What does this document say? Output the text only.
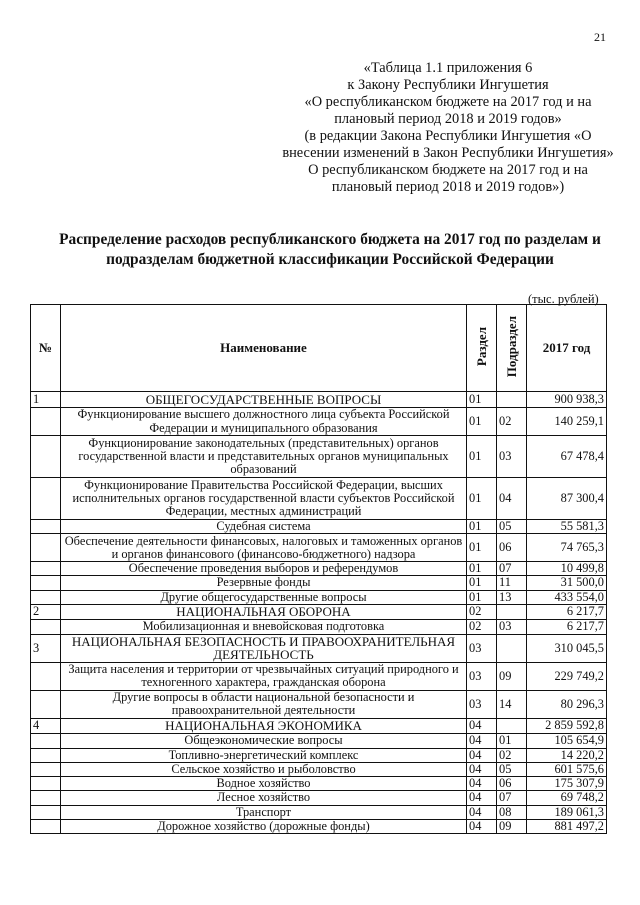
21
«Таблица 1.1 приложения 6
к Закону Республики Ингушетия
«О республиканском бюджете на 2017 год и на
плановый период 2018 и 2019 годов»
(в редакции Закона Республики Ингушетия «О
внесении изменений в Закон Республики Ингушетия»
О республиканском бюджете на 2017 год и на
плановый период 2018 и 2019 годов»)
Распределение расходов республиканского бюджета на 2017 год по разделам и
подразделам бюджетной классификации Российской Федерации
(тыс. рублей)
№	Наименование	Раздел	Подраздел	2017 год
1	ОБЩЕГОСУДАРСТВЕННЫЕ ВОПРОСЫ	01		900 938,3
	Функционирование высшего должностного лица субъекта Российской Федерации и муниципального образования	01	02	140 259,1
	Функционирование законодательных (представительных) органов государственной власти и представительных органов муниципальных образований	01	03	67 478,4
	Функционирование Правительства Российской Федерации, высших исполнительных органов государственной власти субъектов Российской Федерации, местных администраций	01	04	87 300,4
	Судебная система	01	05	55 581,3
	Обеспечение деятельности финансовых, налоговых и таможенных органов и органов финансового (финансово-бюджетного) надзора	01	06	74 765,3
	Обеспечение проведения выборов и референдумов	01	07	10 499,8
	Резервные фонды	01	11	31 500,0
	Другие общегосударственные вопросы	01	13	433 554,0
2	НАЦИОНАЛЬНАЯ ОБОРОНА	02		6 217,7
	Мобилизационная и вневойсковая подготовка	02	03	6 217,7
3	НАЦИОНАЛЬНАЯ БЕЗОПАСНОСТЬ И ПРАВООХРАНИТЕЛЬНАЯ ДЕЯТЕЛЬНОСТЬ	03		310 045,5
	Защита населения и территории от чрезвычайных ситуаций природного и техногенного характера, гражданская оборона	03	09	229 749,2
	Другие вопросы в области национальной безопасности и правоохранительной деятельности	03	14	80 296,3
4	НАЦИОНАЛЬНАЯ ЭКОНОМИКА	04		2 859 592,8
	Общеэкономические вопросы	04	01	105 654,9
	Топливно-энергетический комплекс	04	02	14 220,2
	Сельское хозяйство и рыболовство	04	05	601 575,6
	Водное хозяйство	04	06	175 307,9
	Лесное хозяйство	04	07	69 748,2
	Транспорт	04	08	189 061,3
	Дорожное хозяйство (дорожные фонды)	04	09	881 497,2
